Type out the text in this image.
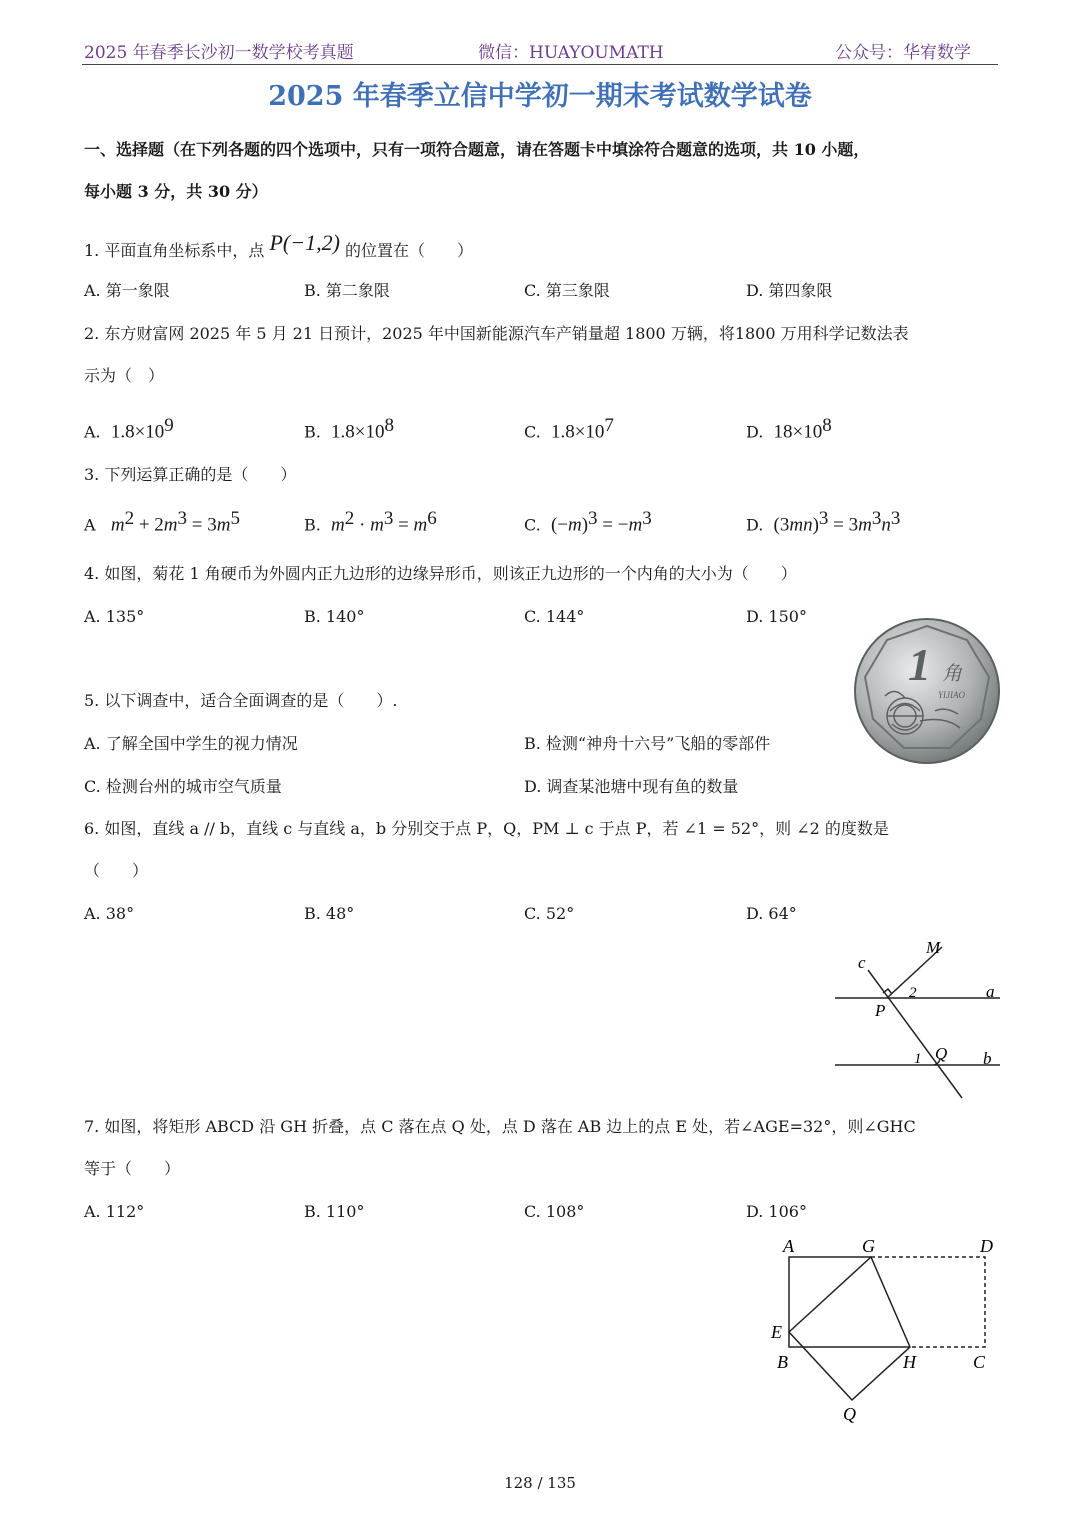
2025 年春季长沙初一数学校考真题	微信：HUAYOUMATH	公众号：华宥数学
2025 年春季立信中学初一期末考试数学试卷
一、选择题（在下列各题的四个选项中，只有一项符合题意，请在答题卡中填涂符合题意的选项，共 10 小题，
每小题 3 分，共 30 分）
1. 平面直角坐标系中，点 P(−1,2) 的位置在（　　）
A. 第一象限	B. 第二象限	C. 第三象限	D. 第四象限
2. 东方财富网 2025 年 5 月 21 日预计，2025 年中国新能源汽车产销量超 1800 万辆，将1800 万用科学记数法表
示为（　）
A. $1.8\times 10^9$	B. $1.8\times 10^8$	C. $1.8\times 10^7$	D. $18\times 10^8$
3. 下列运算正确的是（　　）
A $m^2 + 2m^3 = 3m^5$	B. $m^2 \cdot m^3 = m^6$	C. $(-m)^3 = -m^3$	D. $(3mn)^3 = 3m^3n^3$
4. 如图，菊花 1 角硬币为外圆内正九边形的边缘异形币，则该正九边形的一个内角的大小为（　　）
A. 135°	B. 140°	C. 144°	D. 150°
1 角
YIJIAO
5. 以下调查中，适合全面调查的是（　　）.
A. 了解全国中学生的视力情况	B. 检测“神舟十六号”飞船的零部件
C. 检测台州的城市空气质量	D. 调查某池塘中现有鱼的数量
6. 如图，直线 a // b，直线 c 与直线 a，b 分别交于点 P，Q，PM ⊥ c 于点 P，若 ∠1 = 52°，则 ∠2 的度数是
（　　）
A. 38°	B. 48°	C. 52°	D. 64°
c
M
2	a
P
1 Q b
7. 如图，将矩形 ABCD 沿 GH 折叠，点 C 落在点 Q 处，点 D 落在 AB 边上的点 E 处，若∠AGE=32°，则∠GHC
等于（　　）
A. 112°	B. 110°	C. 108°	D. 106°
A	G	D
E
B	H	C
Q
128 / 135
